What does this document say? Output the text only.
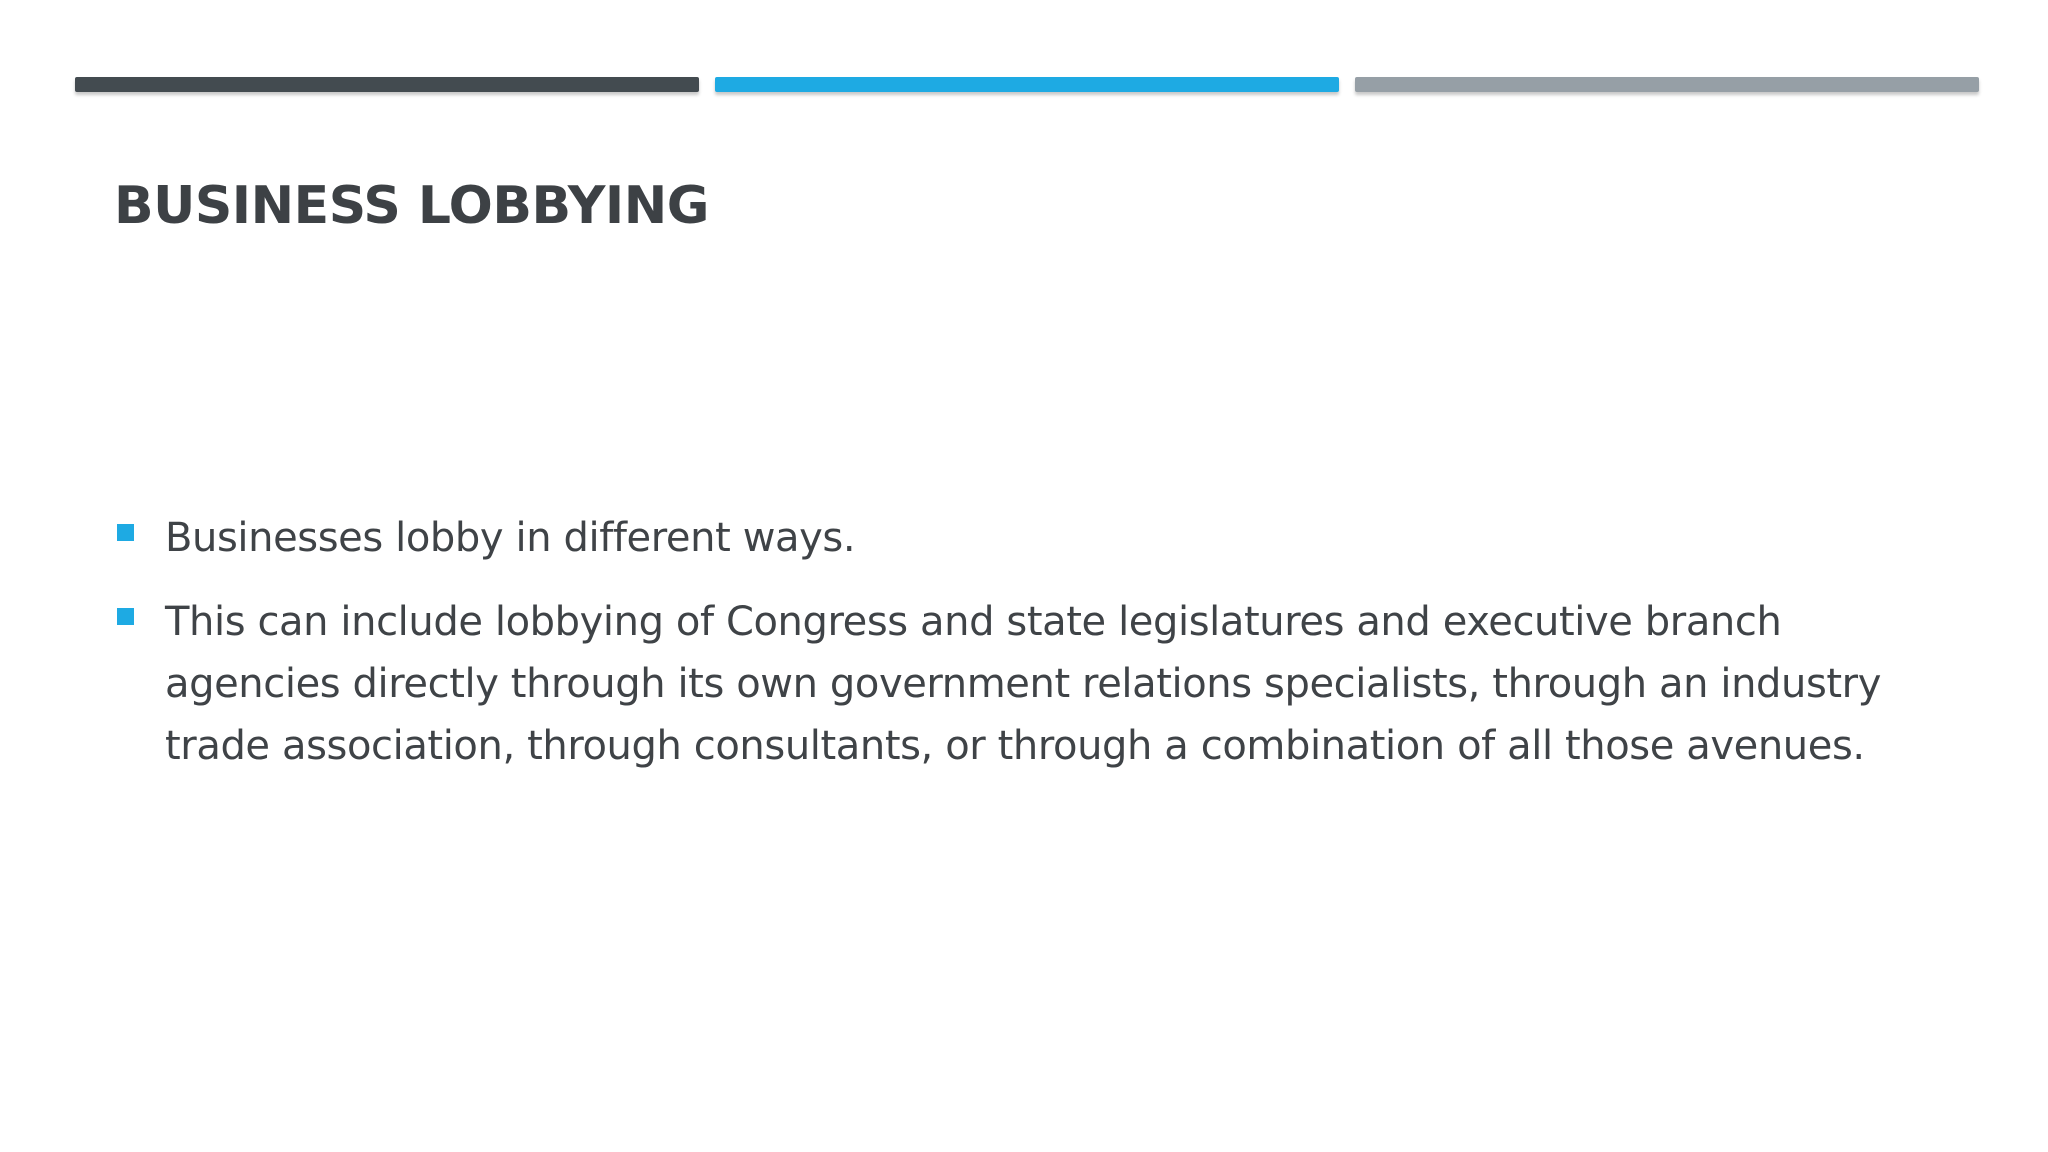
BUSINESS LOBBYING
Businesses lobby in different ways.
This can include lobbying of Congress and state legislatures and executive branch agencies directly through its own government relations specialists, through an industry trade association, through consultants, or through a combination of all those avenues.
